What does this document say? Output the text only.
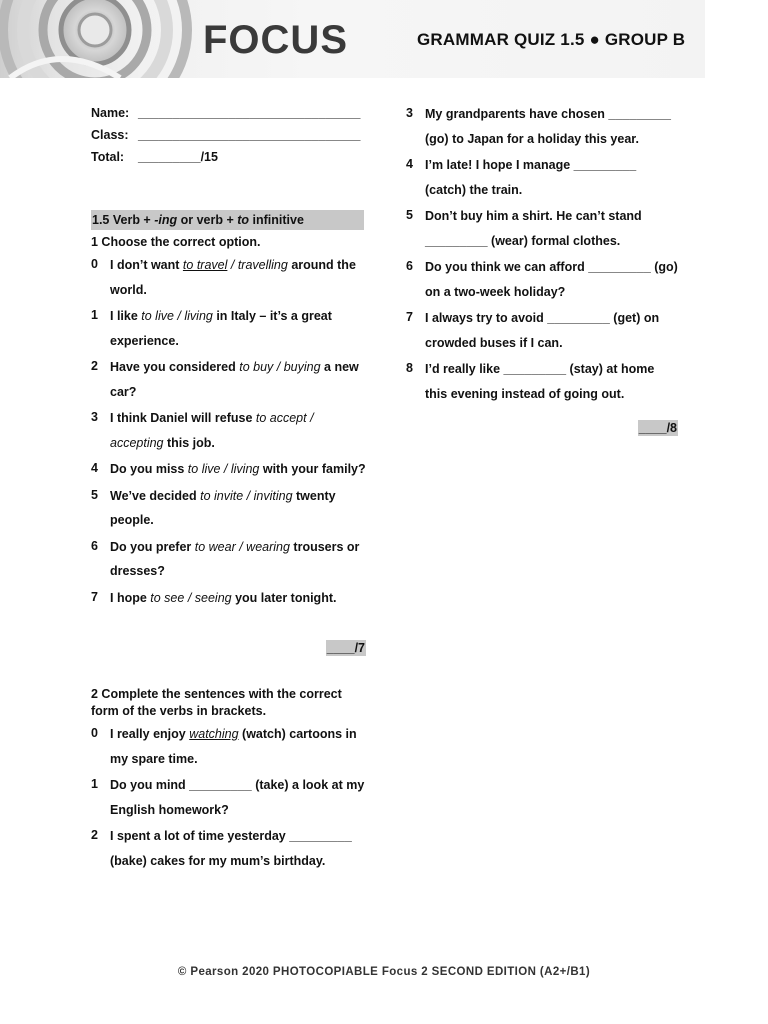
FOCUS	GRAMMAR QUIZ 1.5 ● GROUP B
Name: ________________________________
Class: ________________________________
Total:	_________/15
1.5 Verb + -ing or verb + to infinitive
1 Choose the correct option.
0 I don’t want to travel / travelling around the world.
1 I like to live / living in Italy – it’s a great experience.
2 Have you considered to buy / buying a new car?
3 I think Daniel will refuse to accept / accepting this job.
4 Do you miss to live / living with your family?
5 We’ve decided to invite / inviting twenty people.
6 Do you prefer to wear / wearing trousers or dresses?
7 I hope to see / seeing you later tonight.
____/7
2 Complete the sentences with the correct form of the verbs in brackets.
0 I really enjoy watching (watch) cartoons in my spare time.
1 Do you mind _________ (take) a look at my English homework?
2 I spent a lot of time yesterday _________ (bake) cakes for my mum’s birthday.
3 My grandparents have chosen _________ (go) to Japan for a holiday this year.
4 I’m late! I hope I manage _________ (catch) the train.
5 Don’t buy him a shirt. He can’t stand _________ (wear) formal clothes.
6 Do you think we can afford _________ (go) on a two-week holiday?
7 I always try to avoid _________ (get) on crowded buses if I can.
8 I’d really like _________ (stay) at home this evening instead of going out.
____/8
© Pearson 2020 PHOTOCOPIABLE Focus 2 SECOND EDITION (A2+/B1)
